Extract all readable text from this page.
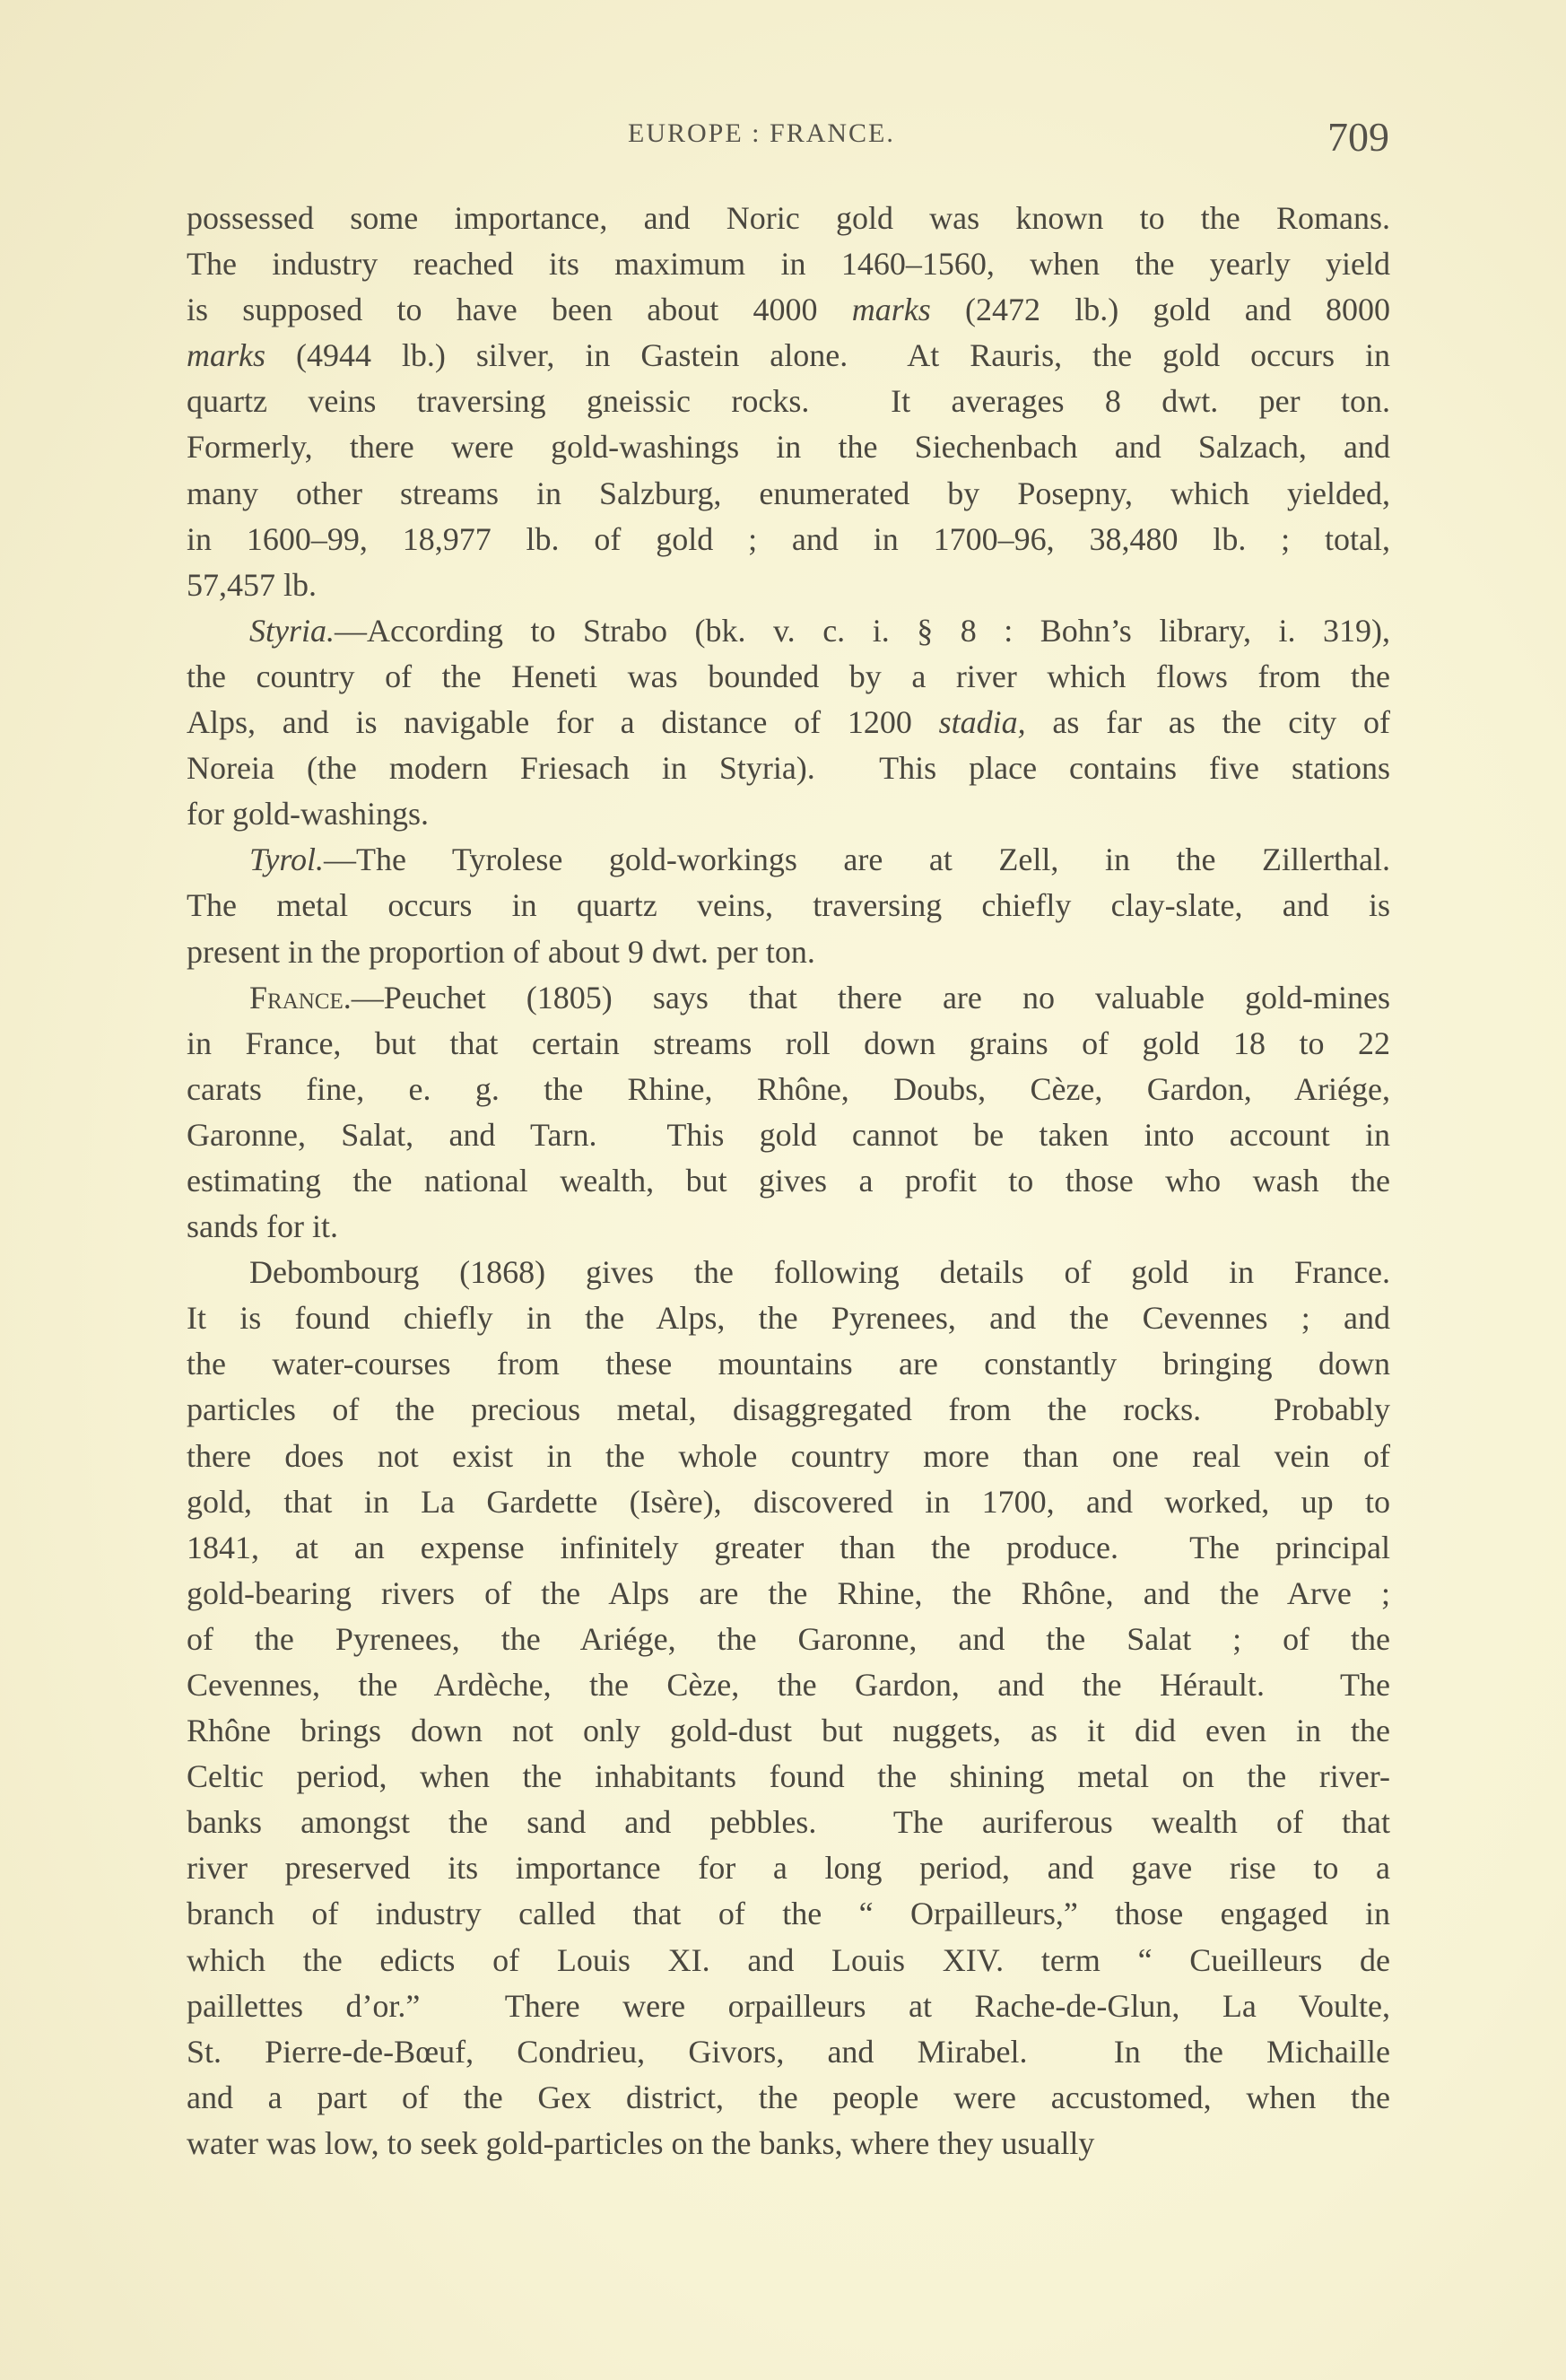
EUROPE : FRANCE.	709
possessed some importance, and Noric gold was known to the Romans.
The industry reached its maximum in 1460–1560, when the yearly yield
is supposed to have been about 4000 marks (2472 lb.) gold and 8000
marks (4944 lb.) silver, in Gastein alone.  At Rauris, the gold occurs in
quartz veins traversing gneissic rocks.  It averages 8 dwt. per ton.
Formerly, there were gold-washings in the Siechenbach and Salzach, and
many other streams in Salzburg, enumerated by Posepny, which yielded,
in 1600–99, 18,977 lb. of gold ; and in 1700–96, 38,480 lb. ; total,
57,457 lb.
Styria.—According to Strabo (bk. v. c. i. § 8 : Bohn’s library, i. 319),
the country of the Heneti was bounded by a river which flows from the
Alps, and is navigable for a distance of 1200 stadia, as far as the city of
Noreia (the modern Friesach in Styria).  This place contains five stations
for gold-washings.
Tyrol.—The Tyrolese gold-workings are at Zell, in the Zillerthal.
The metal occurs in quartz veins, traversing chiefly clay-slate, and is
present in the proportion of about 9 dwt. per ton.
France.—Peuchet (1805) says that there are no valuable gold-mines
in France, but that certain streams roll down grains of gold 18 to 22
carats fine, e. g. the Rhine, Rhône, Doubs, Cèze, Gardon, Ariége,
Garonne, Salat, and Tarn.  This gold cannot be taken into account in
estimating the national wealth, but gives a profit to those who wash the
sands for it.
Debombourg (1868) gives the following details of gold in France.
It is found chiefly in the Alps, the Pyrenees, and the Cevennes ; and
the water-courses from these mountains are constantly bringing down
particles of the precious metal, disaggregated from the rocks.  Probably
there does not exist in the whole country more than one real vein of
gold, that in La Gardette (Isère), discovered in 1700, and worked, up to
1841, at an expense infinitely greater than the produce.  The principal
gold-bearing rivers of the Alps are the Rhine, the Rhône, and the Arve ;
of the Pyrenees, the Ariége, the Garonne, and the Salat ; of the
Cevennes, the Ardèche, the Cèze, the Gardon, and the Hérault.  The
Rhône brings down not only gold-dust but nuggets, as it did even in the
Celtic period, when the inhabitants found the shining metal on the river-
banks amongst the sand and pebbles.  The auriferous wealth of that
river preserved its importance for a long period, and gave rise to a
branch of industry called that of the “ Orpailleurs,” those engaged in
which the edicts of Louis XI. and Louis XIV. term “ Cueilleurs de
paillettes d’or.”  There were orpailleurs at Rache-de-Glun, La Voulte,
St. Pierre-de-Bœuf, Condrieu, Givors, and Mirabel.  In the Michaille
and a part of the Gex district, the people were accustomed, when the
water was low, to seek gold-particles on the banks, where they usually
